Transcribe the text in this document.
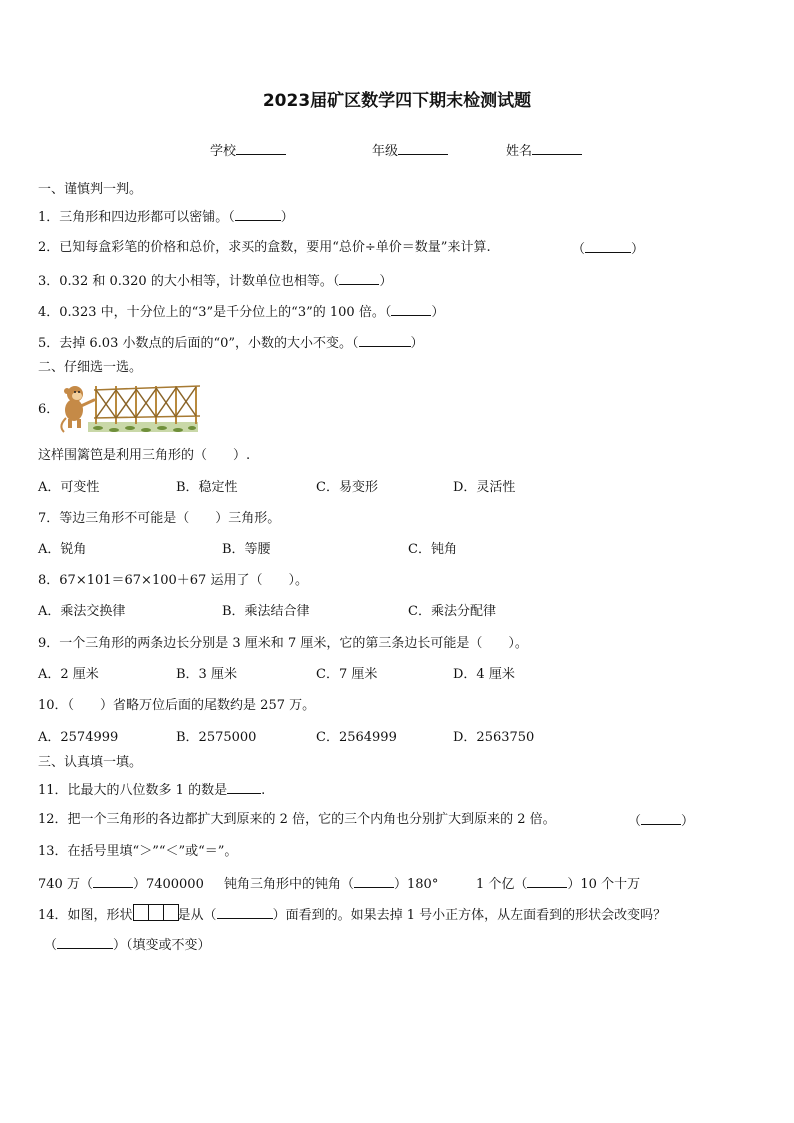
2023届矿区数学四下期末检测试题
学校	年级	姓名
一、谨慎判一判。
1．三角形和四边形都可以密铺。（	）
2．已知每盒彩笔的价格和总价，求买的盒数，要用“总价÷单价＝数量”来计算.	（	）
3．0.32 和 0.320 的大小相等，计数单位也相等。（	）
4．0.323 中，十分位上的“3”是千分位上的“3”的 100 倍。（	）
5．去掉 6.03 小数点的后面的“0”，小数的大小不变。（	）
二、仔细选一选。
6．
这样围篱笆是利用三角形的（　　）.
A．可变性	B．稳定性	C．易变形	D．灵活性
7．等边三角形不可能是（　　）三角形。
A．锐角	B．等腰	C．钝角
8．67×101＝67×100＋67 运用了（　　）。
A．乘法交换律	B．乘法结合律	C．乘法分配律
9．一个三角形的两条边长分别是 3 厘米和 7 厘米，它的第三条边长可能是（　　）。
A．2 厘米	B．3 厘米	C．7 厘米	D．4 厘米
10．（　　）省略万位后面的尾数约是 257 万。
A．2574999	B．2575000	C．2564999	D．2563750
三、认真填一填。
11．比最大的八位数多 1 的数是	.
12．把一个三角形的各边都扩大到原来的 2 倍，它的三个内角也分别扩大到原来的 2 倍。	（	）
13．在括号里填“＞”“＜”或“＝”。
740 万（	）7400000 钝角三角形中的钝角（	）180°	1 个亿（	）10 个十万
14．如图，形状	是从（	）面看到的。如果去掉 1 号小正方体，从左面看到的形状会改变吗？
（	）（填变或不变）
